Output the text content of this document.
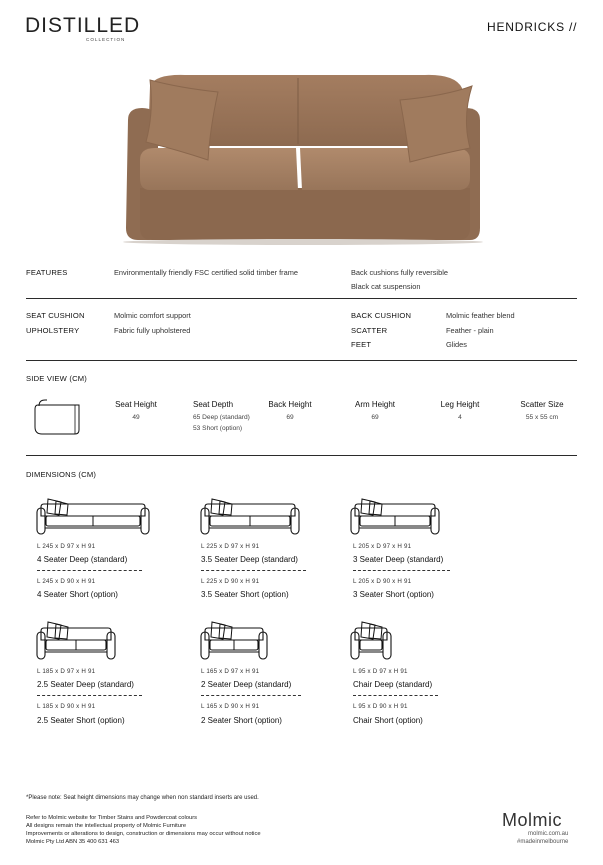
DISTILLED
COLLECTION
HENDRICKS //
FEATURES	Environmentally friendly FSC certified solid timber frame	Back cushions fully reversible
Black cat suspension
SEAT CUSHION	Molmic comfort support
UPHOLSTERY	Fabric fully upholstered
BACK CUSHION	Molmic feather blend
SCATTER	Feather - plain
FEET	Glides
SIDE VIEW (CM)
Seat Height
49
Seat Depth
65 Deep (standard)
53 Short (option)
Back Height
69
Arm Height
69
Leg Height
4
Scatter Size
55 x 55 cm
DIMENSIONS (CM)
L 245 x D 97 x H 91
4 Seater Deep (standard)
L 245 x D 90 x H 91
4 Seater Short (option)
L 225 x D 97 x H 91
3.5 Seater Deep (standard)
L 225 x D 90 x H 91
3.5 Seater Short (option)
L 205 x D 97 x H 91
3 Seater Deep (standard)
L 205 x D 90 x H 91
3 Seater Short (option)
L 185 x D 97 x H 91
2.5 Seater Deep (standard)
L 185 x D 90 x H 91
2.5 Seater Short (option)
L 165 x D 97 x H 91
2 Seater Deep (standard)
L 165 x D 90 x H 91
2 Seater Short (option)
L 95 x D 97 x H 91
Chair Deep (standard)
L 95 x D 90 x H 91
Chair Short (option)
*Please note: Seat height dimensions may change when non standard inserts are used.
Refer to Molmic website for Timber Stains and Powdercoat colours
All designs remain the intellectual property of Molmic Furniture
Improvements or alterations to design, construction or dimensions may occur without notice
Molmic Pty Ltd ABN 35 400 631 463
Molmic
molmic.com.au
#madeinmelbourne
